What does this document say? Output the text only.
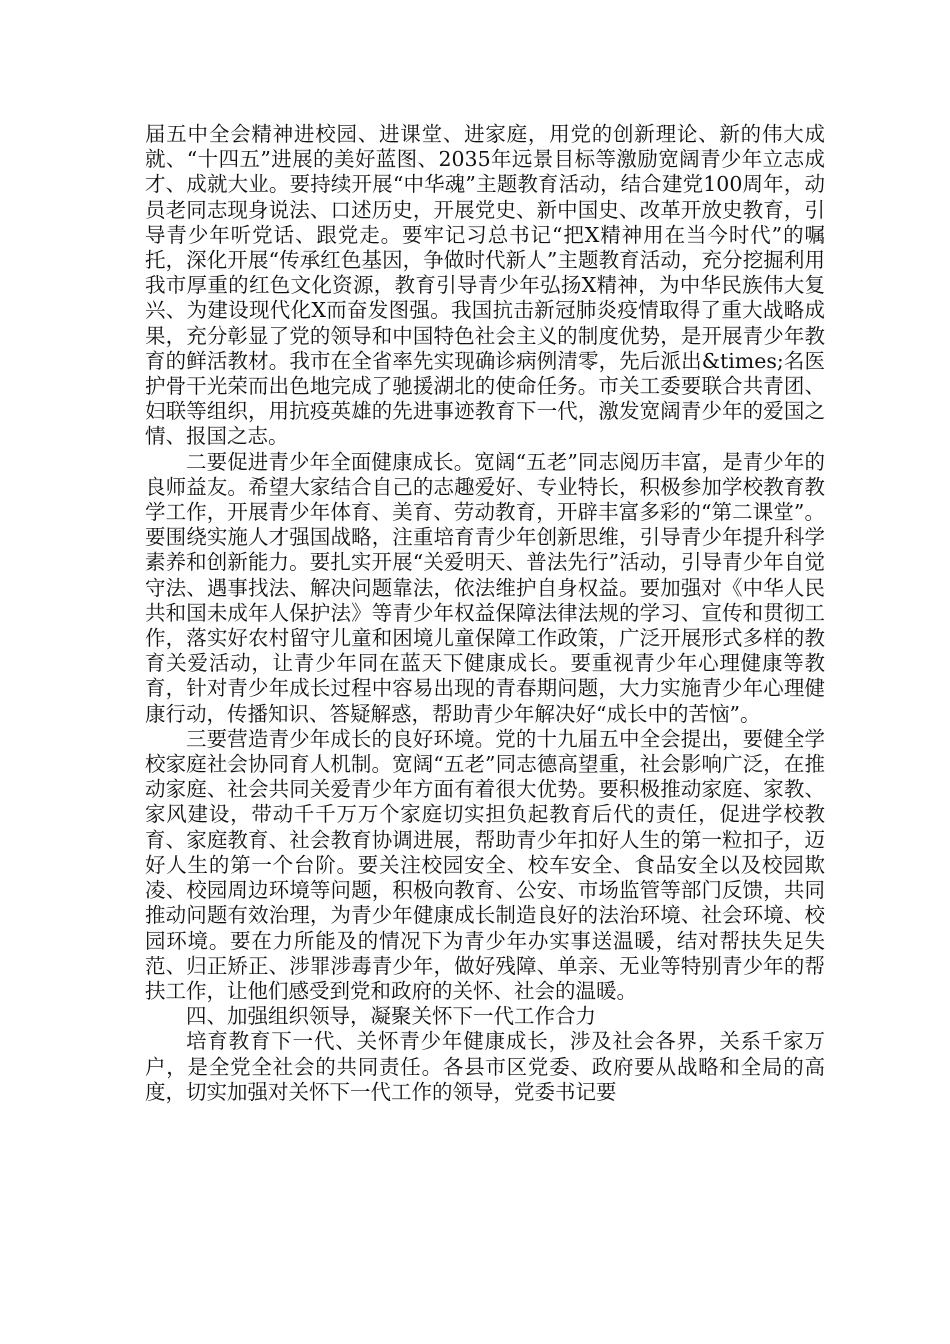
届五中全会精神进校园、进课堂、进家庭，用党的创新理论、新的伟大成就、“十四五”进展的美好蓝图、2035年远景目标等激励宽阔青少年立志成才、成就大业。要持续开展“中华魂”主题教育活动，结合建党100周年，动员老同志现身说法、口述历史，开展党史、新中国史、改革开放史教育，引导青少年听党话、跟党走。要牢记习总书记“把X精神用在当今时代”的嘱托，深化开展“传承红色基因，争做时代新人”主题教育活动，充分挖掘利用我市厚重的红色文化资源，教育引导青少年弘扬X精神，为中华民族伟大复兴、为建设现代化X而奋发图强。我国抗击新冠肺炎疫情取得了重大战略成果，充分彰显了党的领导和中国特色社会主义的制度优势，是开展青少年教育的鲜活教材。我市在全省率先实现确诊病例清零，先后派出&times;名医护骨干光荣而出色地完成了驰援湖北的使命任务。市关工委要联合共青团、妇联等组织，用抗疫英雄的先进事迹教育下一代，激发宽阔青少年的爱国之情、报国之志。

二要促进青少年全面健康成长。宽阔“五老”同志阅历丰富，是青少年的良师益友。希望大家结合自己的志趣爱好、专业特长，积极参加学校教育教学工作，开展青少年体育、美育、劳动教育，开辟丰富多彩的“第二课堂”。要围绕实施人才强国战略，注重培育青少年创新思维，引导青少年提升科学素养和创新能力。要扎实开展“关爱明天、普法先行”活动，引导青少年自觉守法、遇事找法、解决问题靠法，依法维护自身权益。要加强对《中华人民共和国未成年人保护法》等青少年权益保障法律法规的学习、宣传和贯彻工作，落实好农村留守儿童和困境儿童保障工作政策，广泛开展形式多样的教育关爱活动，让青少年同在蓝天下健康成长。要重视青少年心理健康等教育，针对青少年成长过程中容易出现的青春期问题，大力实施青少年心理健康行动，传播知识、答疑解惑，帮助青少年解决好“成长中的苦恼”。

三要营造青少年成长的良好环境。党的十九届五中全会提出，要健全学校家庭社会协同育人机制。宽阔“五老”同志德高望重，社会影响广泛，在推动家庭、社会共同关爱青少年方面有着很大优势。要积极推动家庭、家教、家风建设，带动千千万万个家庭切实担负起教育后代的责任，促进学校教育、家庭教育、社会教育协调进展，帮助青少年扣好人生的第一粒扣子，迈好人生的第一个台阶。要关注校园安全、校车安全、食品安全以及校园欺凌、校园周边环境等问题，积极向教育、公安、市场监管等部门反馈，共同推动问题有效治理，为青少年健康成长制造良好的法治环境、社会环境、校园环境。要在力所能及的情况下为青少年办实事送温暖，结对帮扶失足失范、归正矫正、涉罪涉毒青少年，做好残障、单亲、无业等特别青少年的帮扶工作，让他们感受到党和政府的关怀、社会的温暖。

四、加强组织领导，凝聚关怀下一代工作合力

培育教育下一代、关怀青少年健康成长，涉及社会各界，关系千家万户，是全党全社会的共同责任。各县市区党委、政府要从战略和全局的高度，切实加强对关怀下一代工作的领导，党委书记要
